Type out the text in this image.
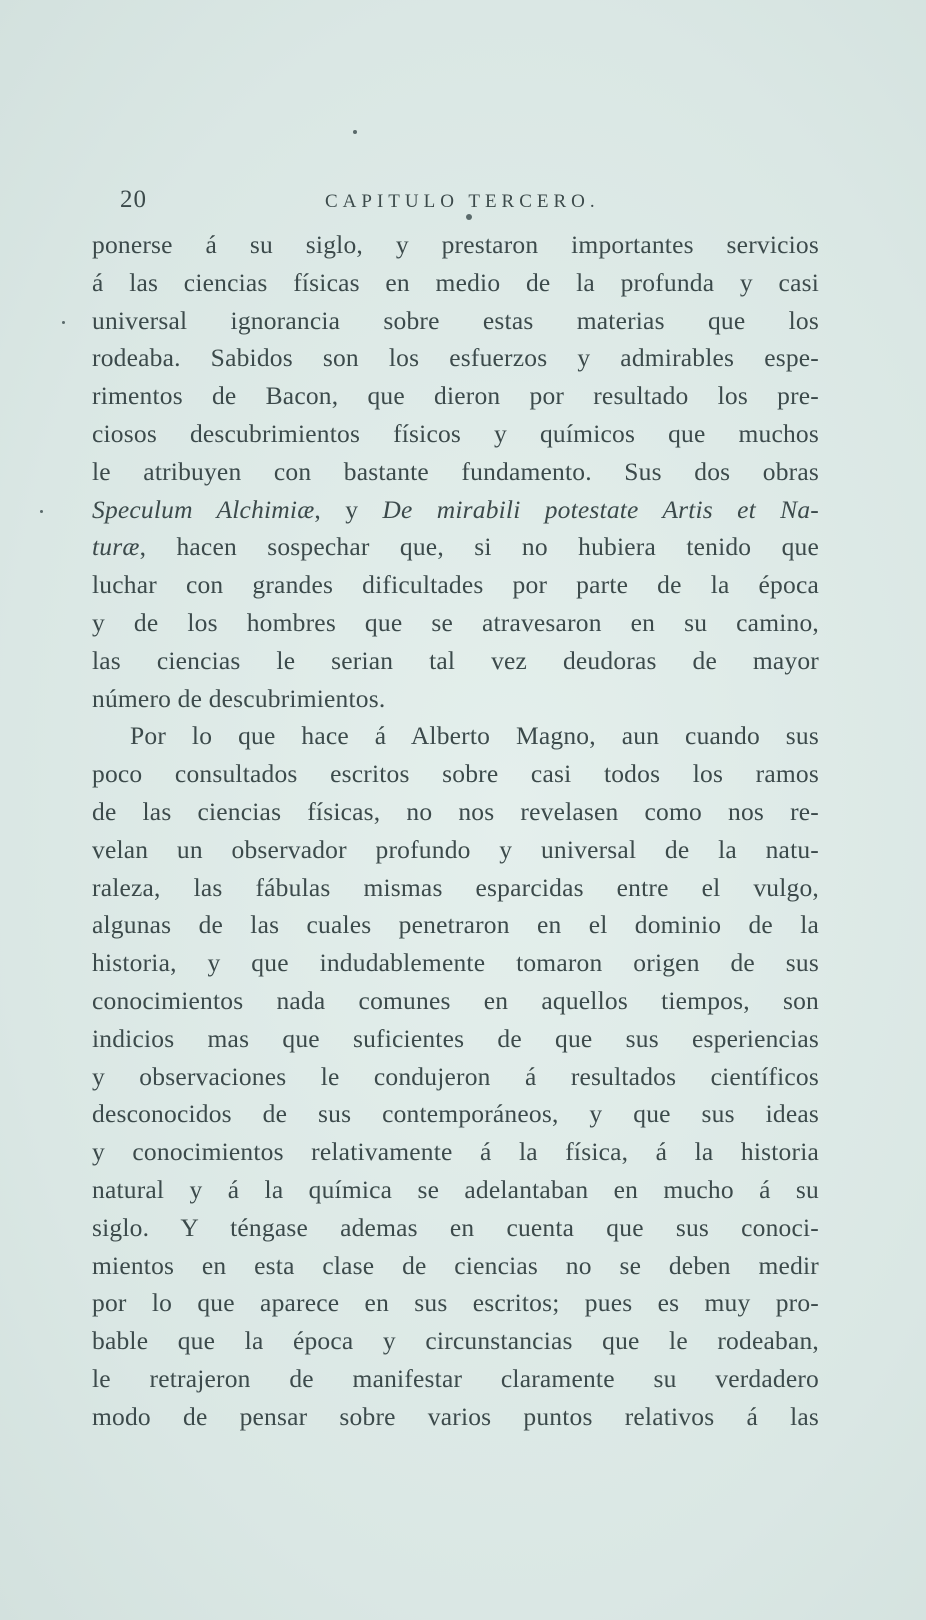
20	CAPITULO TERCERO.
ponerse á su siglo, y prestaron importantes servicios
á las ciencias físicas en medio de la profunda y casi
universal ignorancia sobre estas materias que los
rodeaba. Sabidos son los esfuerzos y admirables espe-
rimentos de Bacon, que dieron por resultado los pre-
ciosos descubrimientos físicos y químicos que muchos
le atribuyen con bastante fundamento. Sus dos obras
Speculum Alchimiæ, y De mirabili potestate Artis et Na-
turæ, hacen sospechar que, si no hubiera tenido que
luchar con grandes dificultades por parte de la época
y de los hombres que se atravesaron en su camino,
las ciencias le serian tal vez deudoras de mayor
número de descubrimientos.
Por lo que hace á Alberto Magno, aun cuando sus
poco consultados escritos sobre casi todos los ramos
de las ciencias físicas, no nos revelasen como nos re-
velan un observador profundo y universal de la natu-
raleza, las fábulas mismas esparcidas entre el vulgo,
algunas de las cuales penetraron en el dominio de la
historia, y que indudablemente tomaron origen de sus
conocimientos nada comunes en aquellos tiempos, son
indicios mas que suficientes de que sus esperiencias
y observaciones le condujeron á resultados científicos
desconocidos de sus contemporáneos, y que sus ideas
y conocimientos relativamente á la física, á la historia
natural y á la química se adelantaban en mucho á su
siglo. Y téngase ademas en cuenta que sus conoci-
mientos en esta clase de ciencias no se deben medir
por lo que aparece en sus escritos; pues es muy pro-
bable que la época y circunstancias que le rodeaban,
le retrajeron de manifestar claramente su verdadero
modo de pensar sobre varios puntos relativos á las
